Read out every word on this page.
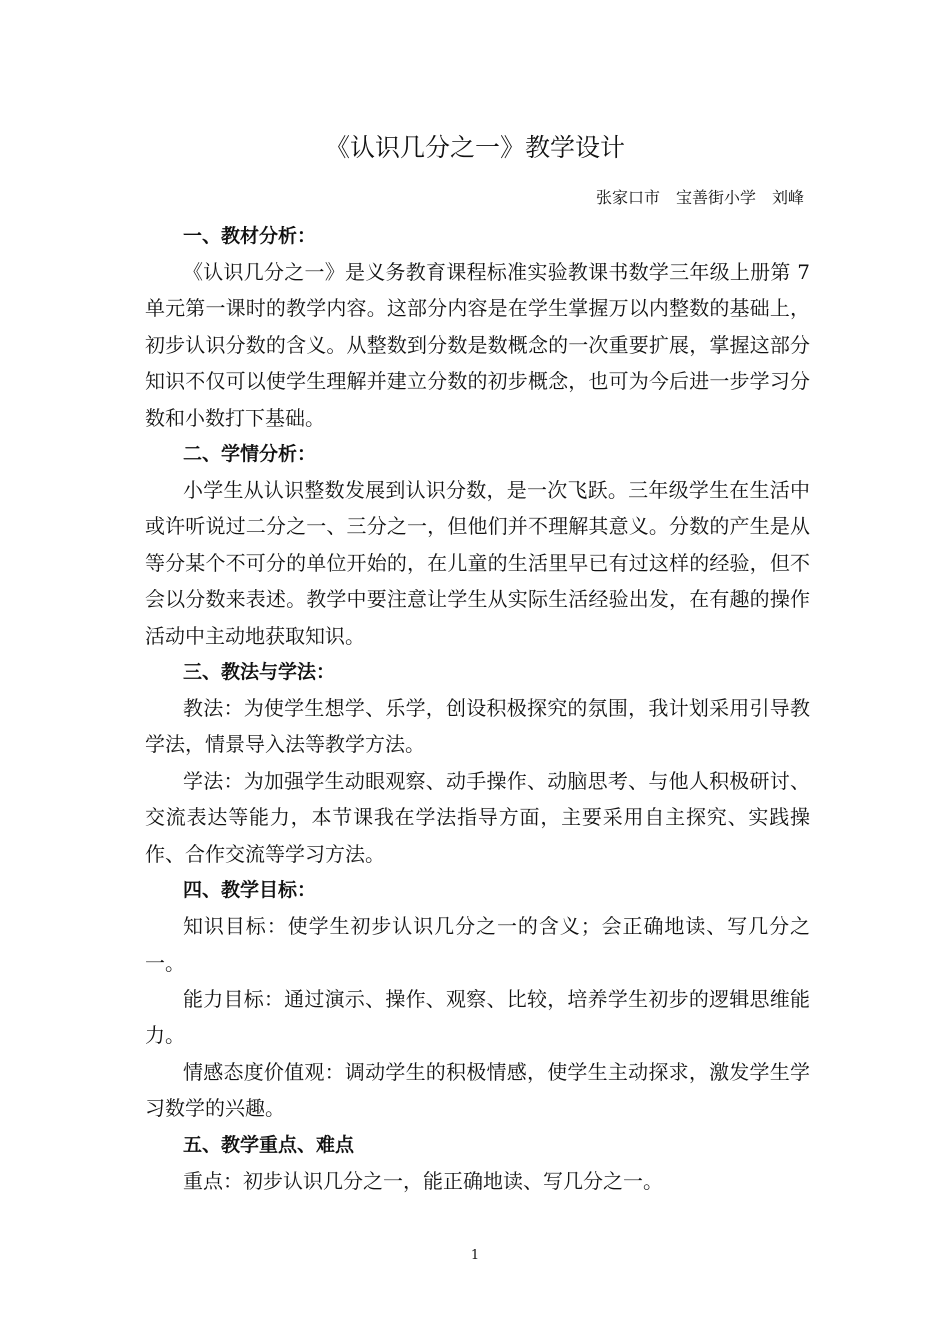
《认识几分之一》教学设计

张家口市　宝善街小学　刘峰

一、教材分析：

《认识几分之一》是义务教育课程标准实验教课书数学三年级上册第 7 单元第一课时的教学内容。这部分内容是在学生掌握万以内整数的基础上，初步认识分数的含义。从整数到分数是数概念的一次重要扩展，掌握这部分知识不仅可以使学生理解并建立分数的初步概念，也可为今后进一步学习分数和小数打下基础。

二、学情分析：

小学生从认识整数发展到认识分数，是一次飞跃。三年级学生在生活中或许听说过二分之一、三分之一，但他们并不理解其意义。分数的产生是从等分某个不可分的单位开始的，在儿童的生活里早已有过这样的经验，但不会以分数来表述。教学中要注意让学生从实际生活经验出发，在有趣的操作活动中主动地获取知识。

三、教法与学法：

教法：为使学生想学、乐学，创设积极探究的氛围，我计划采用引导教学法，情景导入法等教学方法。

学法：为加强学生动眼观察、动手操作、动脑思考、与他人积极研讨、交流表达等能力，本节课我在学法指导方面，主要采用自主探究、实践操作、合作交流等学习方法。

四、教学目标：

知识目标：使学生初步认识几分之一的含义；会正确地读、写几分之一。

能力目标：通过演示、操作、观察、比较，培养学生初步的逻辑思维能力。

情感态度价值观：调动学生的积极情感，使学生主动探求，激发学生学习数学的兴趣。

五、教学重点、难点

重点：初步认识几分之一，能正确地读、写几分之一。

1
